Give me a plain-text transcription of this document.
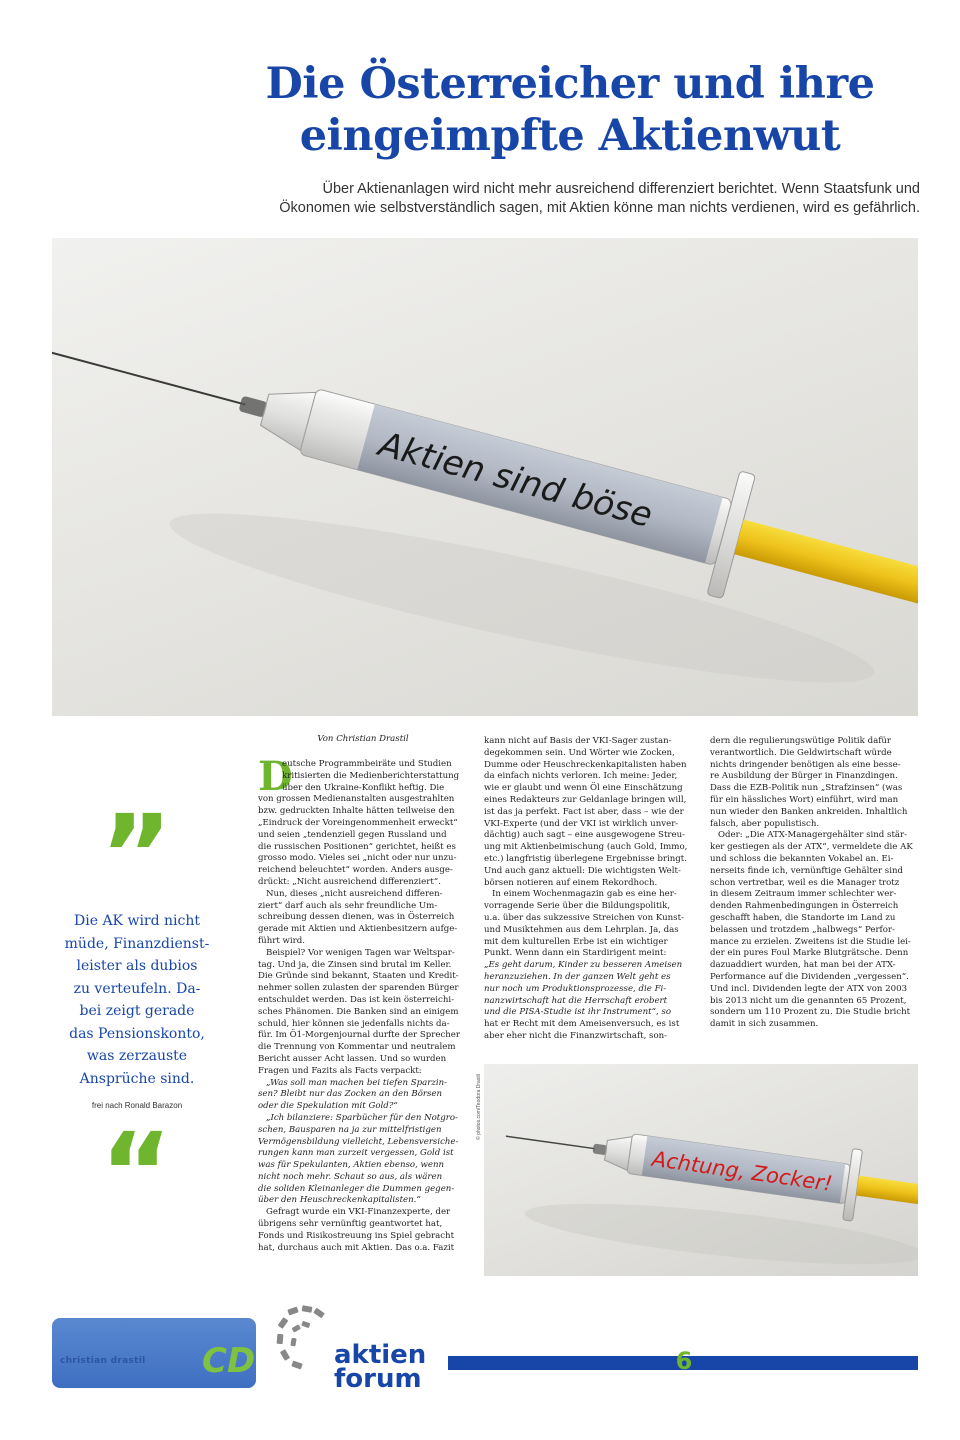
Die Österreicher und ihre
eingeimpfte Aktienwut
Über Aktienanlagen wird nicht mehr ausreichend differenziert berichtet. Wenn Staatsfunk und
Ökonomen wie selbstverständlich sagen, mit Aktien könne man nichts verdienen, wird es gefährlich.
Aktien sind böse
”
Die AK wird nicht
müde, Finanzdienst-
leister als dubios
zu verteufeln. Da-
bei zeigt gerade
das Pensionskonto,
was zerzauste
Ansprüche sind.
frei nach Ronald Barazon
“
Von Christian Drastil
D
eutsche Programmbeiräte und Studien
kritisierten die Medienberichterstattung
über den Ukraine-Konflikt heftig. Die
von grossen Medienanstalten ausgestrahlten
bzw. gedruckten Inhalte hätten teilweise den
„Eindruck der Voreingenommenheit erweckt“
und seien „tendenziell gegen Russland und
die russischen Positionen“ gerichtet, heißt es
grosso modo. Vieles sei „nicht oder nur unzu-
reichend beleuchtet“ worden. Anders ausge-
drückt: „Nicht ausreichend differenziert“.
Nun, dieses „nicht ausreichend differen-
ziert“ darf auch als sehr freundliche Um-
schreibung dessen dienen, was in Österreich
gerade mit Aktien und Aktienbesitzern aufge-
führt wird.
Beispiel? Vor wenigen Tagen war Weltspar-
tag. Und ja, die Zinsen sind brutal im Keller.
Die Gründe sind bekannt, Staaten und Kredit-
nehmer sollen zulasten der sparenden Bürger
entschuldet werden. Das ist kein österreichi-
sches Phänomen. Die Banken sind an einigem
schuld, hier können sie jedenfalls nichts da-
für. Im Ö1-Morgenjournal durfte der Sprecher
die Trennung von Kommentar und neutralem
Bericht ausser Acht lassen. Und so wurden
Fragen und Fazits als Facts verpackt:
„Was soll man machen bei tiefen Sparzin-
sen? Bleibt nur das Zocken an den Börsen
oder die Spekulation mit Gold?“
„Ich bilanziere: Sparbücher für den Notgro-
schen, Bausparen na ja zur mittelfristigen
Vermögensbildung vielleicht, Lebensversiche-
rungen kann man zurzeit vergessen, Gold ist
was für Spekulanten, Aktien ebenso, wenn
nicht noch mehr. Schaut so aus, als wären
die soliden Kleinanleger die Dummen gegen-
über den Heuschreckenkapitalisten.“
Gefragt wurde ein VKI-Finanzexperte, der
übrigens sehr vernünftig geantwortet hat,
Fonds und Risikostreuung ins Spiel gebracht
hat, durchaus auch mit Aktien. Das o.a. Fazit
kann nicht auf Basis der VKI-Sager zustan-
degekommen sein. Und Wörter wie Zocken,
Dumme oder Heuschreckenkapitalisten haben
da einfach nichts verloren. Ich meine: Jeder,
wie er glaubt und wenn Öl eine Einschätzung
eines Redakteurs zur Geldanlage bringen will,
ist das ja perfekt. Fact ist aber, dass – wie der
VKI-Experte (und der VKI ist wirklich unver-
dächtig) auch sagt – eine ausgewogene Streu-
ung mit Aktienbeimischung (auch Gold, Immo,
etc.) langfristig überlegene Ergebnisse bringt.
Und auch ganz aktuell: Die wichtigsten Welt-
börsen notieren auf einem Rekordhoch.
In einem Wochenmagazin gab es eine her-
vorragende Serie über die Bildungspolitik,
u.a. über das sukzessive Streichen von Kunst-
und Musiktehmen aus dem Lehrplan. Ja, das
mit dem kulturellen Erbe ist ein wichtiger
Punkt. Wenn dann ein Stardirigent meint:
„Es geht darum, Kinder zu besseren Ameisen
heranzuziehen. In der ganzen Welt geht es
nur noch um Produktionsprozesse, die Fi-
nanzwirtschaft hat die Herrschaft erobert
und die PISA-Studie ist ihr Instrument“, so
hat er Recht mit dem Ameisenversuch, es ist
aber eher nicht die Finanzwirtschaft, son-
dern die regulierungswütige Politik dafür
verantwortlich. Die Geldwirtschaft würde
nichts dringender benötigen als eine besse-
re Ausbildung der Bürger in Finanzdingen.
Dass die EZB-Politik nun „Strafzinsen“ (was
für ein hässliches Wort) einführt, wird man
nun wieder den Banken ankreiden. Inhaltlich
falsch, aber populistisch.
Oder: „Die ATX-Managergehälter sind stär-
ker gestiegen als der ATX“, vermeldete die AK
und schloss die bekannten Vokabel an. Ei-
nerseits finde ich, vernünftige Gehälter sind
schon vertretbar, weil es die Manager trotz
in diesem Zeitraum immer schlechter wer-
denden Rahmenbedingungen in Österreich
geschafft haben, die Standorte im Land zu
belassen und trotzdem „halbwegs“ Perfor-
mance zu erzielen. Zweitens ist die Studie lei-
der ein pures Foul Marke Blutgrätsche. Denn
dazuaddiert wurden, hat man bei der ATX-
Performance auf die Dividenden „vergessen“.
Und incl. Dividenden legte der ATX von 2003
bis 2013 nicht um die genannten 65 Prozent,
sondern um 110 Prozent zu. Die Studie bricht
damit in sich zusammen.
Achtung, Zocker!
© photos.com/Teodora Drastil
christian drastil CD	aktien
forum
6
